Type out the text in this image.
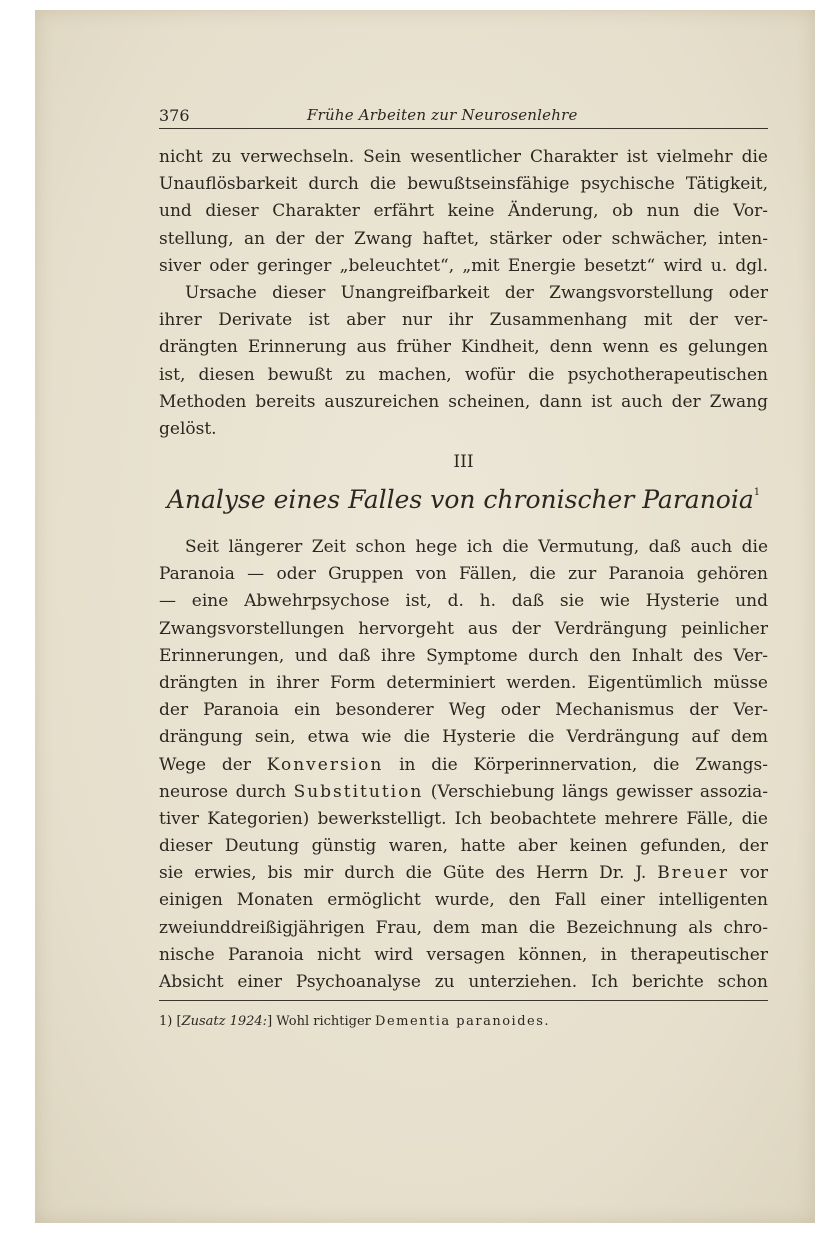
376	Frühe Arbeiten zur Neurosenlehre
nicht zu verwechseln. Sein wesentlicher Charakter ist vielmehr die
Unauflösbarkeit durch die bewußtseinsfähige psychische Tätigkeit,
und dieser Charakter erfährt keine Änderung, ob nun die Vor-
stellung, an der der Zwang haftet, stärker oder schwächer, inten-
siver oder geringer „beleuchtet“, „mit Energie besetzt“ wird u. dgl.
Ursache dieser Unangreifbarkeit der Zwangsvorstellung oder
ihrer Derivate ist aber nur ihr Zusammenhang mit der ver-
drängten Erinnerung aus früher Kindheit, denn wenn es gelungen
ist, diesen bewußt zu machen, wofür die psychotherapeutischen
Methoden bereits auszureichen scheinen, dann ist auch der Zwang
gelöst.
III
Analyse eines Falles von chronischer Paranoia$^1$
Seit längerer Zeit schon hege ich die Vermutung, daß auch die
Paranoia — oder Gruppen von Fällen, die zur Paranoia gehören
— eine Abwehrpsychose ist, d. h. daß sie wie Hysterie und
Zwangsvorstellungen hervorgeht aus der Verdrängung peinlicher
Erinnerungen, und daß ihre Symptome durch den Inhalt des Ver-
drängten in ihrer Form determiniert werden. Eigentümlich müsse
der Paranoia ein besonderer Weg oder Mechanismus der Ver-
drängung sein, etwa wie die Hysterie die Verdrängung auf dem
Wege der Konversion in die Körperinnervation, die Zwangs-
neurose durch Substitution (Verschiebung längs gewisser assozia-
tiver Kategorien) bewerkstelligt. Ich beobachtete mehrere Fälle, die
dieser Deutung günstig waren, hatte aber keinen gefunden, der
sie erwies, bis mir durch die Güte des Herrn Dr. J. Breuer vor
einigen Monaten ermöglicht wurde, den Fall einer intelligenten
zweiunddreißigjährigen Frau, dem man die Bezeichnung als chro-
nische Paranoia nicht wird versagen können, in therapeutischer
Absicht einer Psychoanalyse zu unterziehen. Ich berichte schon
1) [Zusatz 1924:] Wohl richtiger Dementia paranoides.
